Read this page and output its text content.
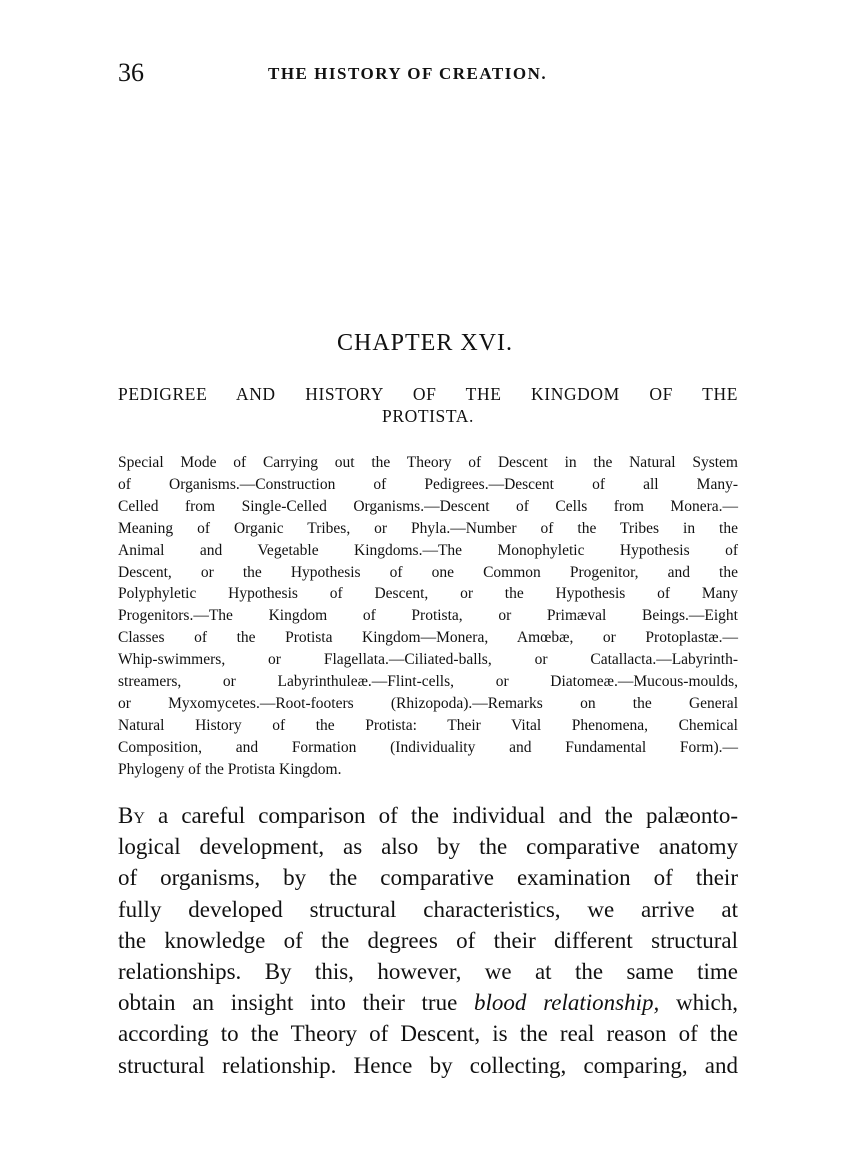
36	THE HISTORY OF CREATION.
CHAPTER XVI.
PEDIGREE AND HISTORY OF THE KINGDOM OF THE
PROTISTA.

Special Mode of Carrying out the Theory of Descent in the Natural System
of Organisms.—Construction of Pedigrees.—Descent of all Many-
Celled from Single-Celled Organisms.—Descent of Cells from Monera.—
Meaning of Organic Tribes, or Phyla.—Number of the Tribes in the
Animal and Vegetable Kingdoms.—The Monophyletic Hypothesis of
Descent, or the Hypothesis of one Common Progenitor, and the
Polyphyletic Hypothesis of Descent, or the Hypothesis of Many
Progenitors.—The Kingdom of Protista, or Primæval Beings.—Eight
Classes of the Protista Kingdom—Monera, Amœbæ, or Protoplastæ.—
Whip-swimmers, or Flagellata.—Ciliated-balls, or Catallacta.—Labyrinth-
streamers, or Labyrinthuleæ.—Flint-cells, or Diatomeæ.—Mucous-moulds,
or Myxomycetes.—Root-footers (Rhizopoda).—Remarks on the General
Natural History of the Protista: Their Vital Phenomena, Chemical
Composition, and Formation (Individuality and Fundamental Form).—
Phylogeny of the Protista Kingdom.

By a careful comparison of the individual and the palæonto-
logical development, as also by the comparative anatomy
of organisms, by the comparative examination of their
fully developed structural characteristics, we arrive at
the knowledge of the degrees of their different structural
relationships. By this, however, we at the same time
obtain an insight into their true blood relationship, which,
according to the Theory of Descent, is the real reason of the
structural relationship. Hence by collecting, comparing, and
